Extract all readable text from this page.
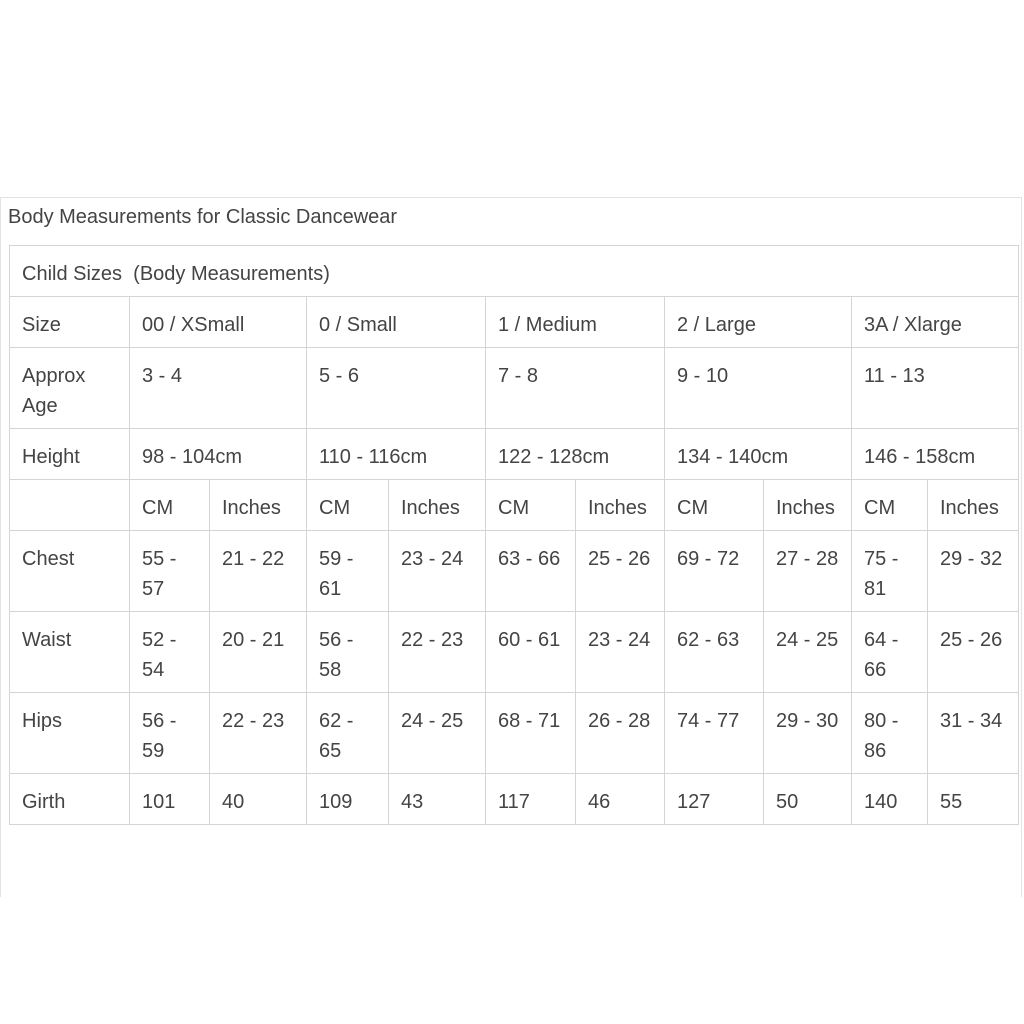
Body Measurements for Classic Dancewear
Child Sizes  (Body Measurements)										
Size	00 / XSmall		0 / Small		1 / Medium		2 / Large		3A / Xlarge	
Approx Age	3 - 4		5 - 6		7 - 8		9 - 10		11 - 13	
Height	98 - 104cm		110 - 116cm		122 - 128cm		134 - 140cm		146 - 158cm	
	CM	Inches	CM	Inches	CM	Inches	CM	Inches	CM	Inches
Chest	55 - 57	21 - 22	59 - 61	23 - 24	63 - 66	25 - 26	69 - 72	27 - 28	75 - 81	29 - 32
Waist	52 - 54	20 - 21	56 - 58	22 - 23	60 - 61	23 - 24	62 - 63	24 - 25	64 - 66	25 - 26
Hips	56 - 59	22 - 23	62 - 65	24 - 25	68 - 71	26 - 28	74 - 77	29 - 30	80 - 86	31 - 34
Girth	101	40	109	43	117	46	127	50	140	55
